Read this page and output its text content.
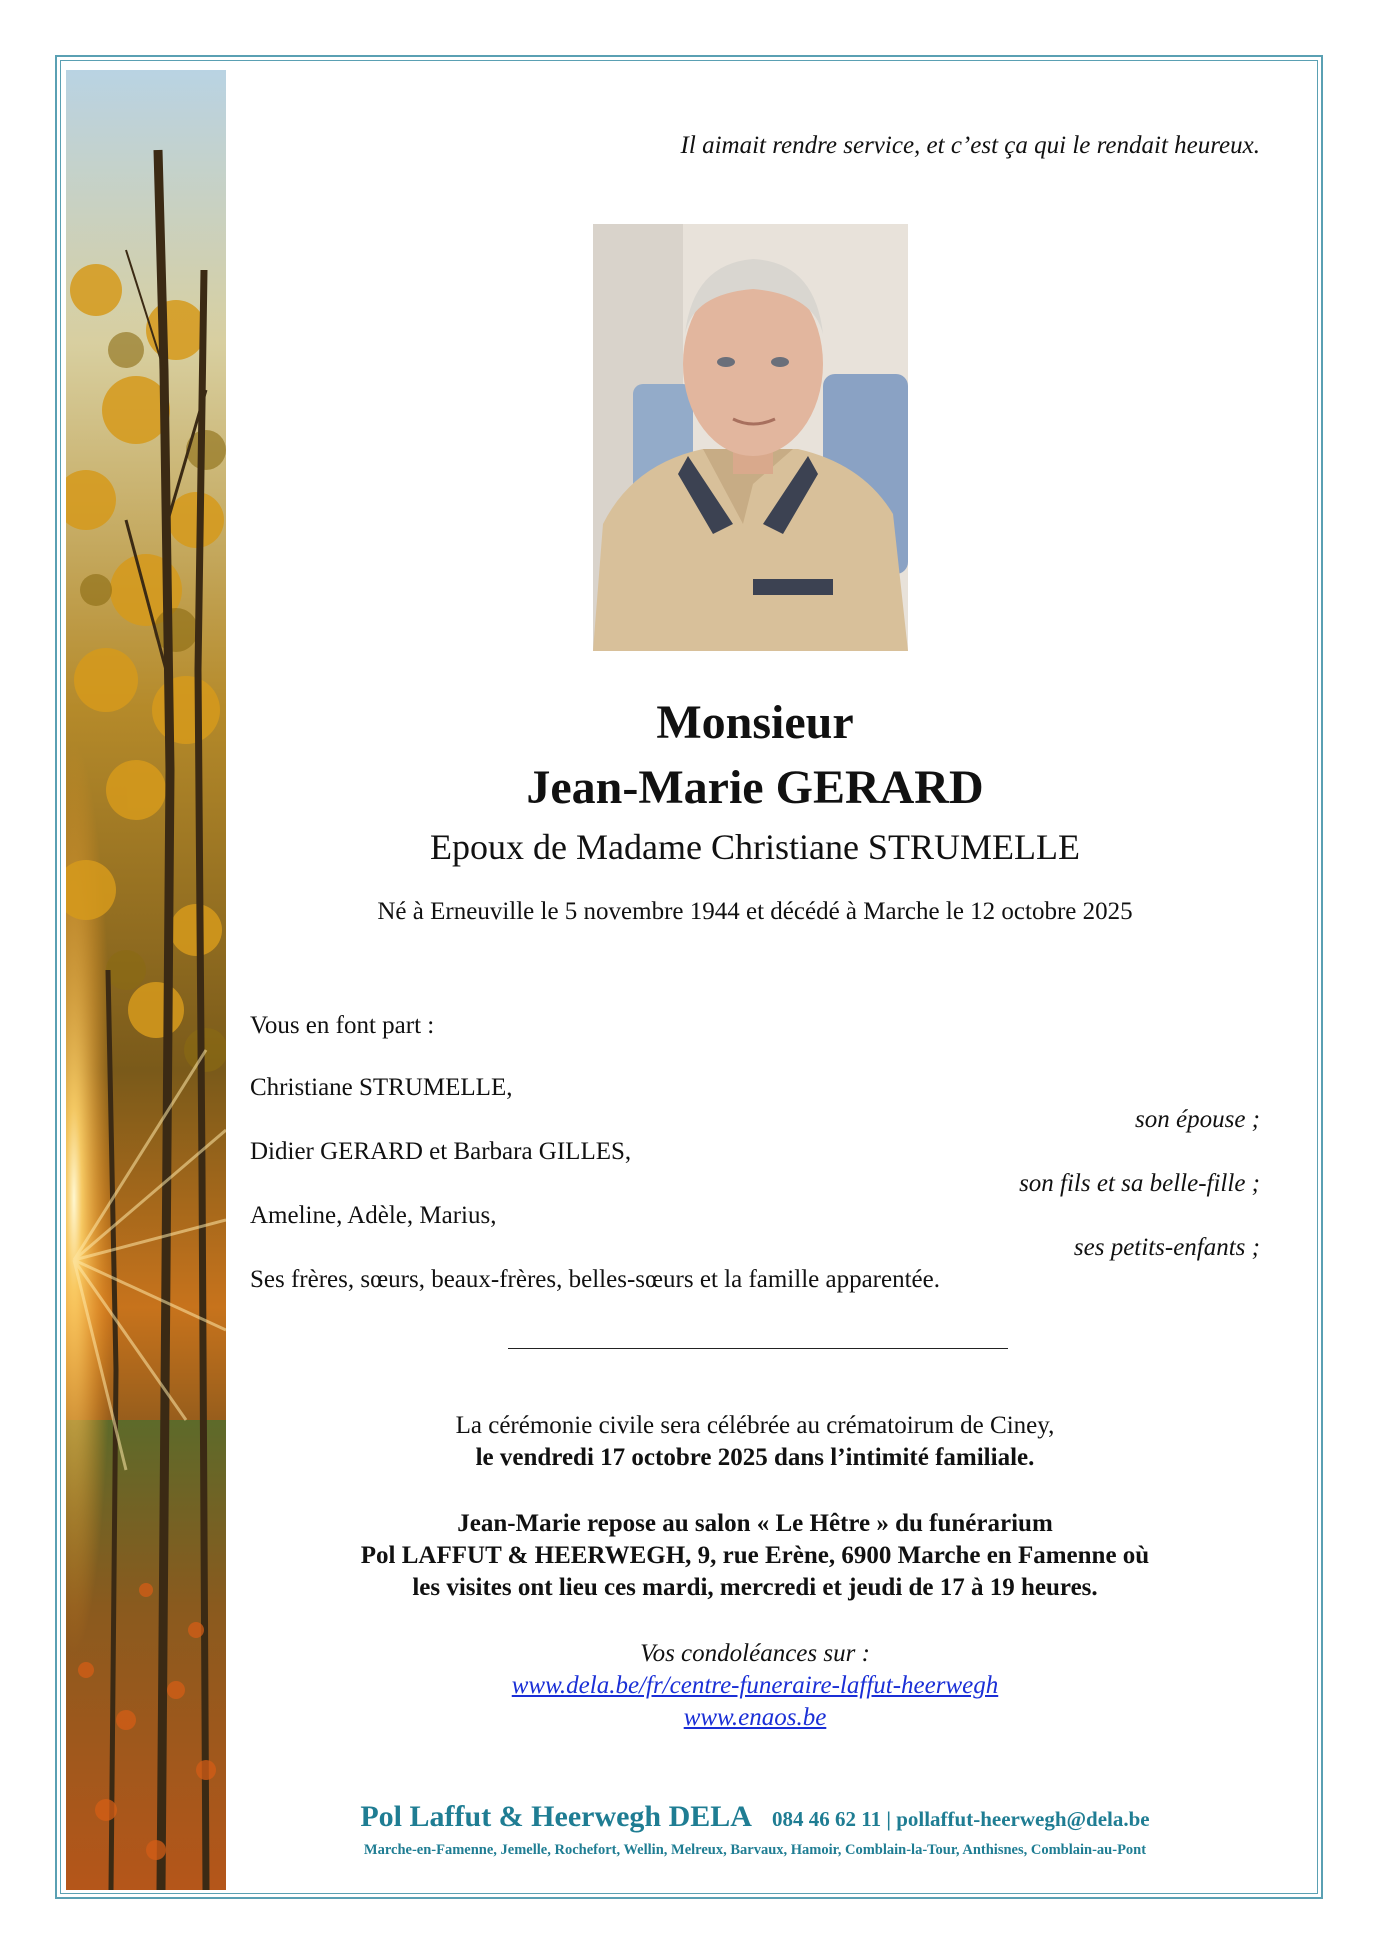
Il aimait rendre service, et c’est ça qui le rendait heureux.
Monsieur
Jean-Marie GERARD
Epoux de Madame Christiane STRUMELLE
Né à Erneuville le 5 novembre 1944 et décédé à Marche le 12 octobre 2025
Vous en font part :
Christiane STRUMELLE,
son épouse ;
Didier GERARD et Barbara GILLES,
son fils et sa belle-fille ;
Ameline, Adèle, Marius,
ses petits-enfants ;
Ses frères, sœurs, beaux-frères, belles-sœurs et la famille apparentée.
La cérémonie civile sera célébrée au crématoirum de Ciney,
le vendredi 17 octobre 2025 dans l’intimité familiale.
Jean-Marie repose au salon « Le Hêtre » du funérarium
Pol LAFFUT & HEERWEGH, 9, rue Erène, 6900 Marche en Famenne où
les visites ont lieu ces mardi, mercredi et jeudi de 17 à 19 heures.
Vos condoléances sur :
www.dela.be/fr/centre-funeraire-laffut-heerwegh
www.enaos.be
Pol Laffut & Heerwegh DELA 084 46 62 11 | pollaffut-heerwegh@dela.be
Marche-en-Famenne, Jemelle, Rochefort, Wellin, Melreux, Barvaux, Hamoir, Comblain-la-Tour, Anthisnes, Comblain-au-Pont
